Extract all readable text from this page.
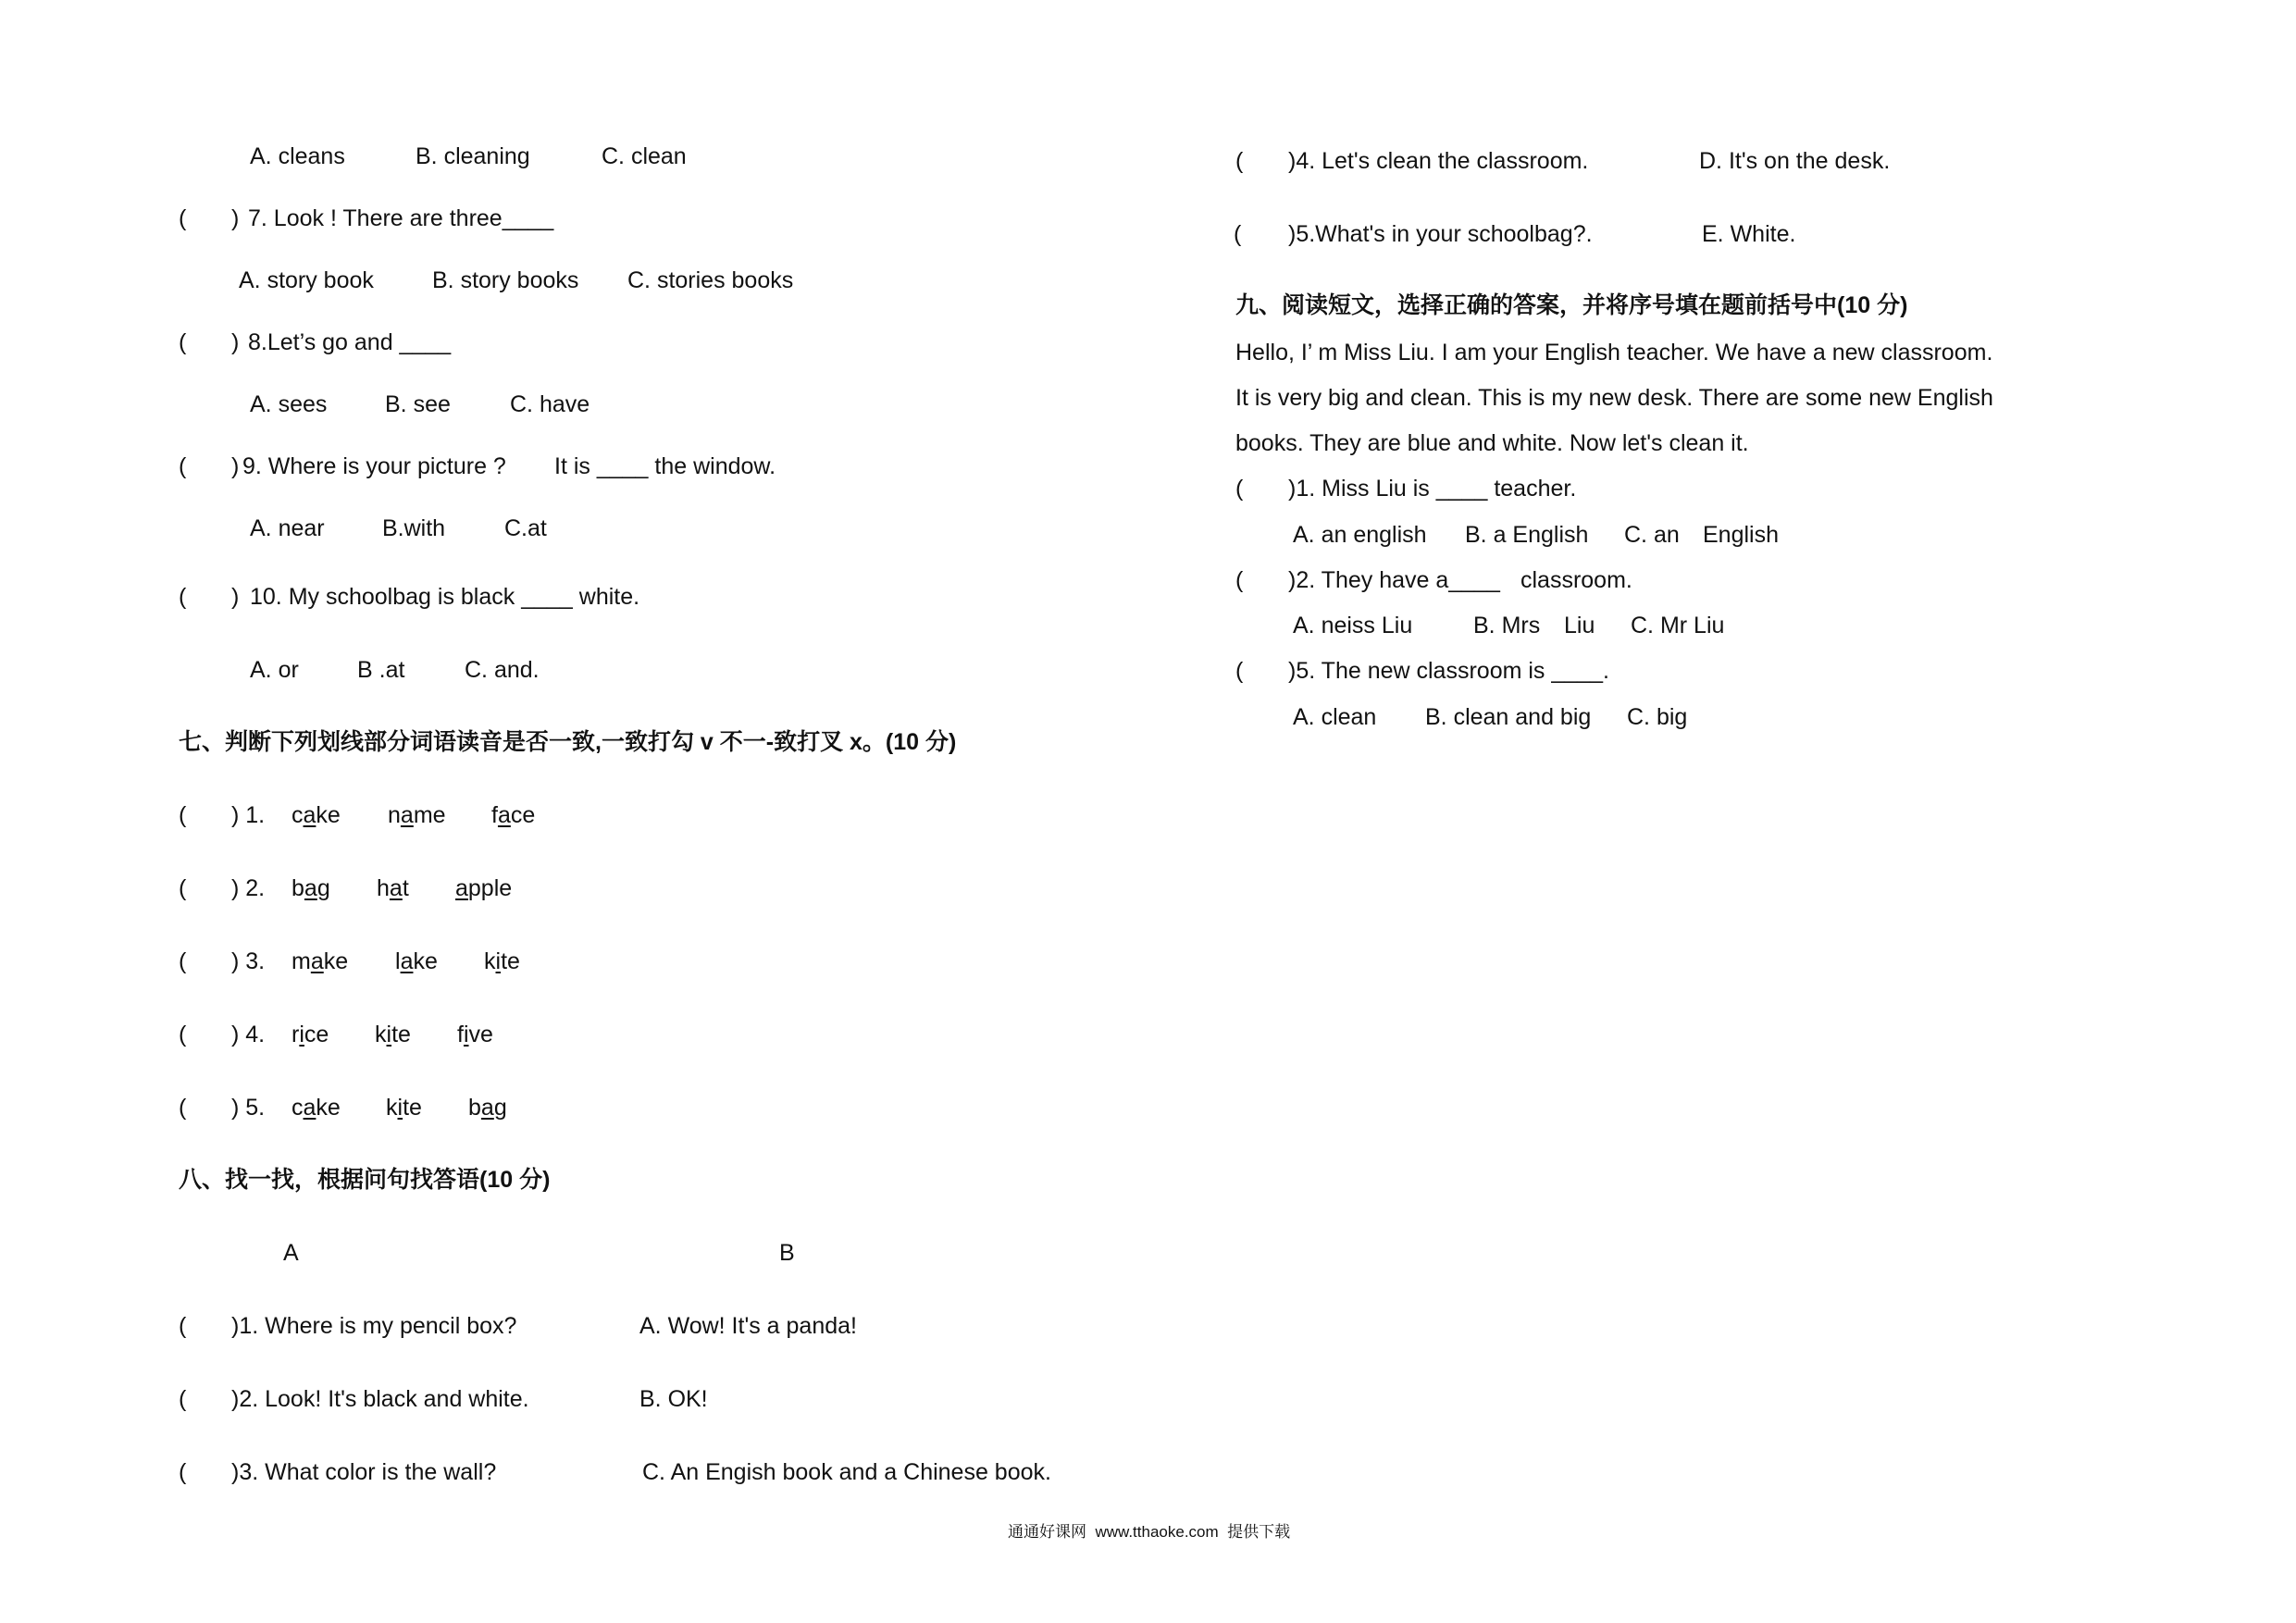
A. cleans	B. cleaning	C. clean
( ) 7. Look ! There are three____
A. story book	B. story books C. stories books
( ) 8.Let’s go and ____
A. sees	B. see	C. have
( ) 9. Where is your picture ? It is ____ the window.
A. near B.with	C.at
( ) 10. My schoolbag is black ____ white.
A. or	B .at	C. and.
七、判断下列划线部分词语读音是否一致,一致打勾 v 不一-致打叉 x。(10 分)
( ) 1. cake name face
( ) 2. bag hat apple
( ) 3. make lake kite
( ) 4. rice kite five
( ) 5. cake kite bag
八、找一找，根据问句找答语(10 分)
A	B
( )1. Where is my pencil box?	A. Wow! It's a panda!
( )2. Look! It's black and white.	B. OK!
( )3. What color is the wall?	C. An Engish book and a Chinese book.
( )4. Let's clean the classroom.	D. It's on the desk.
( )5.What's in your schoolbag?.	E. White.
九、阅读短文，选择正确的答案，并将序号填在题前括号中(10 分)
Hello, I’ m Miss Liu. I am your English teacher. We have a new classroom.
It is very big and clean. This is my new desk. There are some new English
books. They are blue and white. Now let's clean it.
( )1. Miss Liu is ____ teacher.
A. an english B. a English C. an English
( )2. They have a____ classroom.
A. neiss Liu	B. Mrs Liu C. Mr Liu
( )5. The new classroom is ____.
A. clean B. clean and big C. big
通通好课网  www.tthaoke.com  提供下载
